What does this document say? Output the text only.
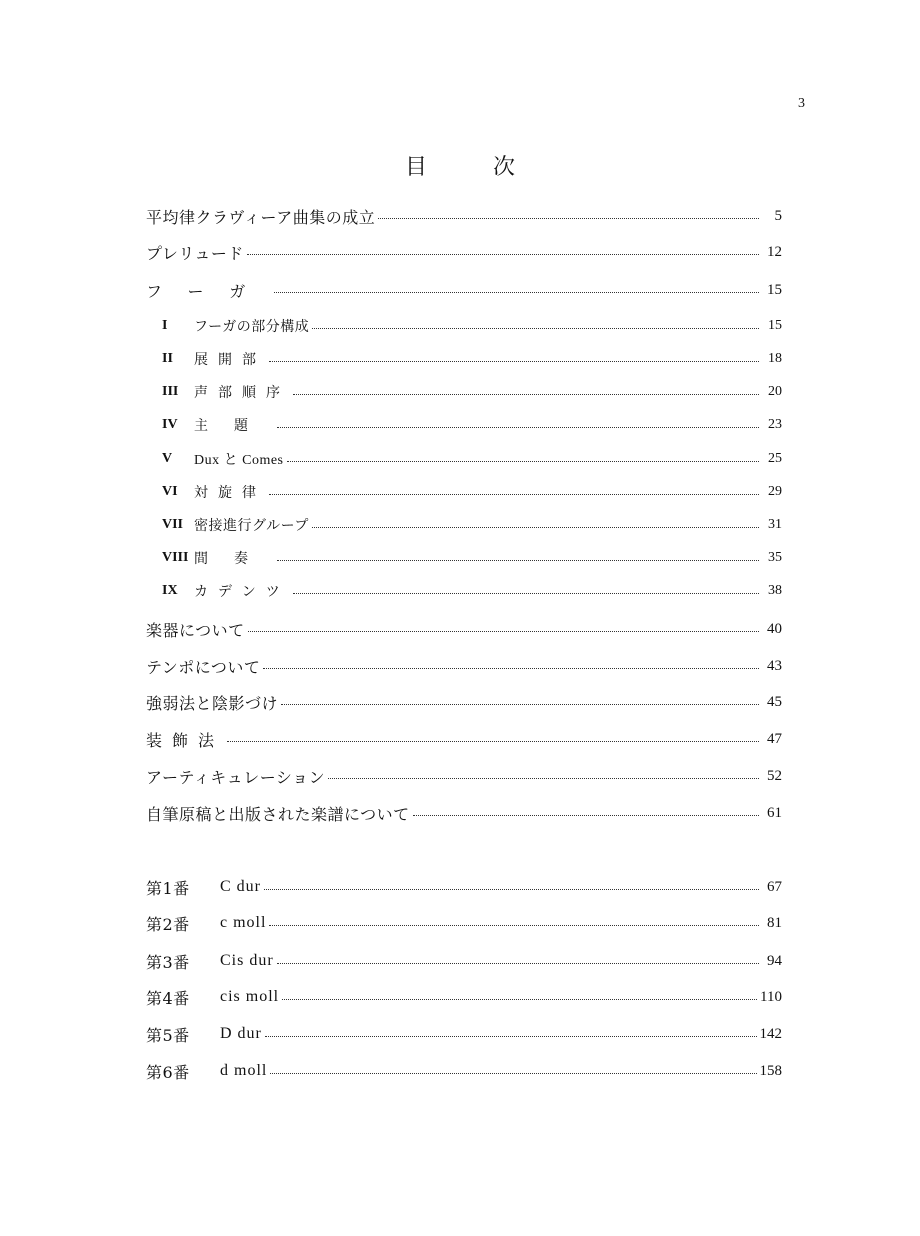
3
目	次
平均律クラヴィーア曲集の成立	5
プレリュード	12
フーガ	15
I	フーガの部分構成	15
II	展開部	18
III	声部順序	20
IV	主題	23
V	Dux と Comes	25
VI	対旋律	29
VII 密接進行グループ	31
VIII 間奏	35
IX	カデンツ	38
楽器について	40
テンポについて	43
強弱法と陰影づけ	45
装飾法	47
アーティキュレーション	52
自筆原稿と出版された楽譜について	61
第1番	C dur	67
第2番	c moll	81
第3番	Cis dur	94
第4番	cis moll	110
第5番	D dur	142
第6番	d moll	158
